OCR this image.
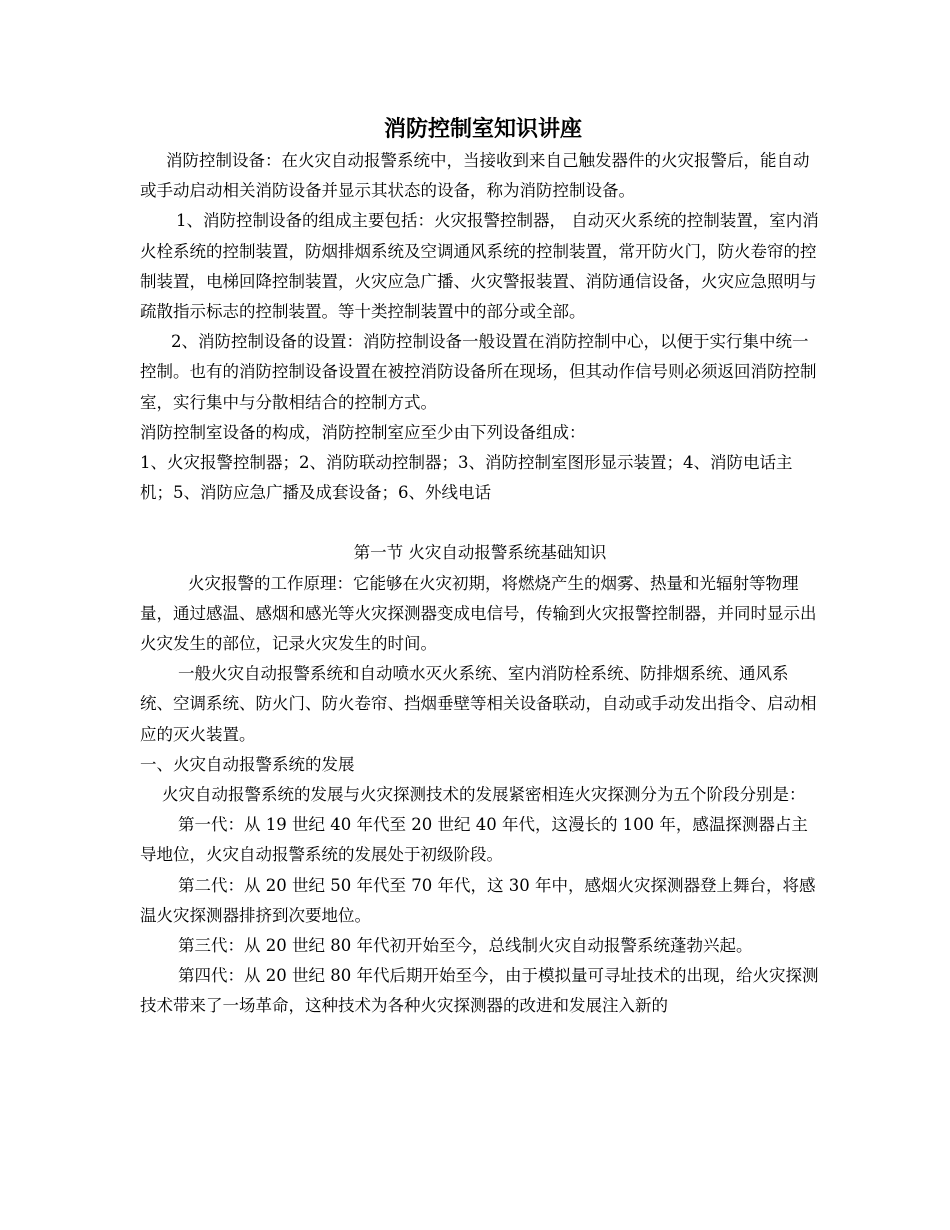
消防控制室知识讲座

消防控制设备：在火灾自动报警系统中，当接收到来自己触发器件的火灾报警后，能自动或手动启动相关消防设备并显示其状态的设备，称为消防控制设备。

1、消防控制设备的组成主要包括：火灾报警控制器， 自动灭火系统的控制装置，室内消火栓系统的控制装置，防烟排烟系统及空调通风系统的控制装置，常开防火门，防火卷帘的控制装置，电梯回降控制装置，火灾应急广播、火灾警报装置、消防通信设备，火灾应急照明与疏散指示标志的控制装置。等十类控制装置中的部分或全部。

2、消防控制设备的设置：消防控制设备一般设置在消防控制中心，以便于实行集中统一控制。也有的消防控制设备设置在被控消防设备所在现场，但其动作信号则必须返回消防控制室，实行集中与分散相结合的控制方式。

消防控制室设备的构成，消防控制室应至少由下列设备组成：

1、火灾报警控制器；2、消防联动控制器；3、消防控制室图形显示装置；4、消防电话主机；5、消防应急广播及成套设备；6、外线电话

第一节 火灾自动报警系统基础知识

火灾报警的工作原理：它能够在火灾初期，将燃烧产生的烟雾、热量和光辐射等物理量，通过感温、感烟和感光等火灾探测器变成电信号，传输到火灾报警控制器，并同时显示出火灾发生的部位，记录火灾发生的时间。

一般火灾自动报警系统和自动喷水灭火系统、室内消防栓系统、防排烟系统、通风系统、空调系统、防火门、防火卷帘、挡烟垂壁等相关设备联动，自动或手动发出指令、启动相应的灭火装置。

一、火灾自动报警系统的发展

火灾自动报警系统的发展与火灾探测技术的发展紧密相连火灾探测分为五个阶段分别是：

第一代：从 19 世纪 40 年代至 20 世纪 40 年代，这漫长的 100 年，感温探测器占主导地位，火灾自动报警系统的发展处于初级阶段。

第二代：从 20 世纪 50 年代至 70 年代，这 30 年中，感烟火灾探测器登上舞台，将感温火灾探测器排挤到次要地位。

第三代：从 20 世纪 80 年代初开始至今，总线制火灾自动报警系统蓬勃兴起。

第四代：从 20 世纪 80 年代后期开始至今，由于模拟量可寻址技术的出现，给火灾探测技术带来了一场革命，这种技术为各种火灾探测器的改进和发展注入新的
